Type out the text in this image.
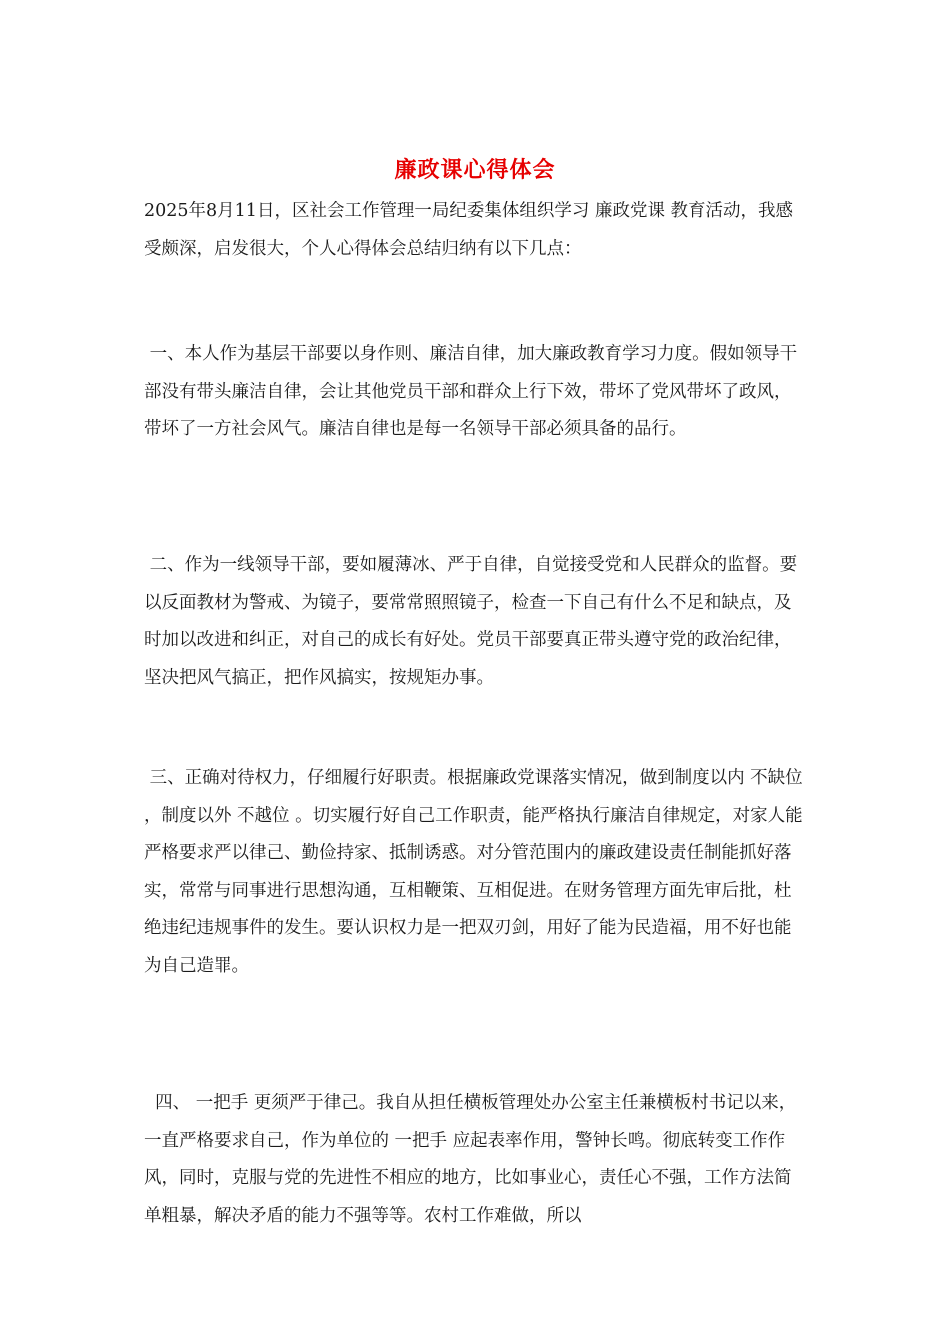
廉政课心得体会
2025年8月11日，区社会工作管理一局纪委集体组织学习 廉政党课 教育活动，我感受颇深，启发很大，个人心得体会总结归纳有以下几点：
一、本人作为基层干部要以身作则、廉洁自律，加大廉政教育学习力度。假如领导干部没有带头廉洁自律，会让其他党员干部和群众上行下效，带坏了党风带坏了政风，带坏了一方社会风气。廉洁自律也是每一名领导干部必须具备的品行。
二、作为一线领导干部，要如履薄冰、严于自律，自觉接受党和人民群众的监督。要以反面教材为警戒、为镜子，要常常照照镜子，检查一下自己有什么不足和缺点，及时加以改进和纠正，对自己的成长有好处。党员干部要真正带头遵守党的政治纪律，坚决把风气搞正，把作风搞实，按规矩办事。
三、正确对待权力，仔细履行好职责。根据廉政党课落实情况，做到制度以内 不缺位 ，制度以外 不越位 。切实履行好自己工作职责，能严格执行廉洁自律规定，对家人能严格要求严以律己、勤俭持家、抵制诱惑。对分管范围内的廉政建设责任制能抓好落实，常常与同事进行思想沟通，互相鞭策、互相促进。在财务管理方面先审后批，杜绝违纪违规事件的发生。要认识权力是一把双刃剑，用好了能为民造福，用不好也能为自己造罪。
四、 一把手 更须严于律己。我自从担任横板管理处办公室主任兼横板村书记以来，一直严格要求自己，作为单位的 一把手 应起表率作用，警钟长鸣。彻底转变工作作风，同时，克服与党的先进性不相应的地方，比如事业心，责任心不强，工作方法简单粗暴，解决矛盾的能力不强等等。农村工作难做，所以
